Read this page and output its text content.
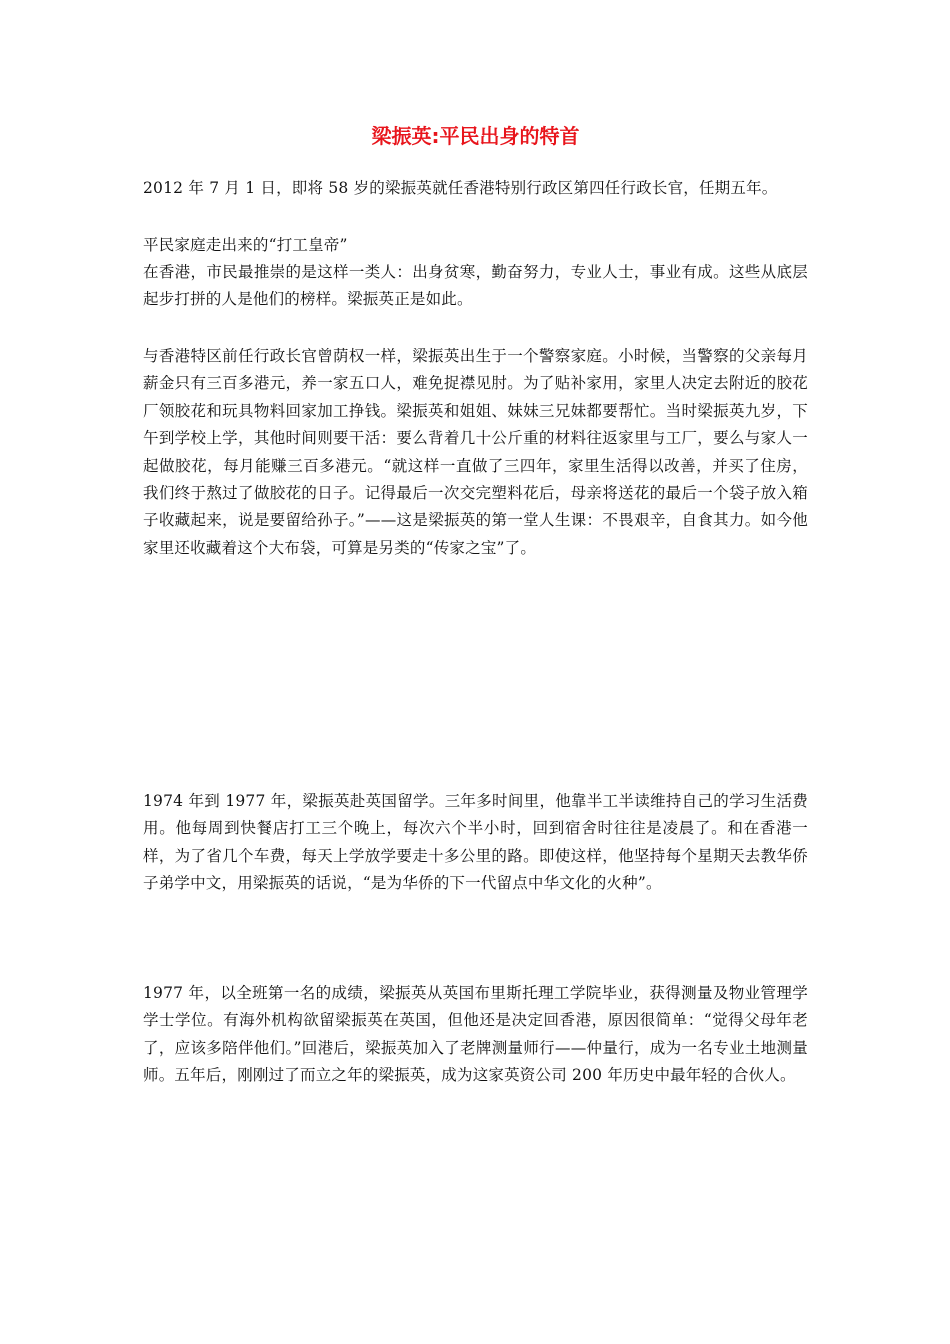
梁振英:平民出身的特首

2012 年 7 月 1 日，即将 58 岁的梁振英就任香港特别行政区第四任行政长官，任期五年。

平民家庭走出来的“打工皇帝”

在香港，市民最推崇的是这样一类人：出身贫寒，勤奋努力，专业人士，事业有成。这些从底层起步打拼的人是他们的榜样。梁振英正是如此。

与香港特区前任行政长官曾荫权一样，梁振英出生于一个警察家庭。小时候，当警察的父亲每月薪金只有三百多港元，养一家五口人，难免捉襟见肘。为了贴补家用，家里人决定去附近的胶花厂领胶花和玩具物料回家加工挣钱。梁振英和姐姐、妹妹三兄妹都要帮忙。当时梁振英九岁，下午到学校上学，其他时间则要干活：要么背着几十公斤重的材料往返家里与工厂，要么与家人一起做胶花，每月能赚三百多港元。“就这样一直做了三四年，家里生活得以改善，并买了住房，我们终于熬过了做胶花的日子。记得最后一次交完塑料花后，母亲将送花的最后一个袋子放入箱子收藏起来，说是要留给孙子。”——这是梁振英的第一堂人生课：不畏艰辛，自食其力。如今他家里还收藏着这个大布袋，可算是另类的“传家之宝”了。

1974 年到 1977 年，梁振英赴英国留学。三年多时间里，他靠半工半读维持自己的学习生活费用。他每周到快餐店打工三个晚上，每次六个半小时，回到宿舍时往往是凌晨了。和在香港一样，为了省几个车费，每天上学放学要走十多公里的路。即使这样，他坚持每个星期天去教华侨子弟学中文，用梁振英的话说，“是为华侨的下一代留点中华文化的火种”。

1977 年，以全班第一名的成绩，梁振英从英国布里斯托理工学院毕业，获得测量及物业管理学学士学位。有海外机构欲留梁振英在英国，但他还是决定回香港，原因很简单：“觉得父母年老了，应该多陪伴他们。”回港后，梁振英加入了老牌测量师行——仲量行，成为一名专业土地测量师。五年后，刚刚过了而立之年的梁振英，成为这家英资公司 200 年历史中最年轻的合伙人。
